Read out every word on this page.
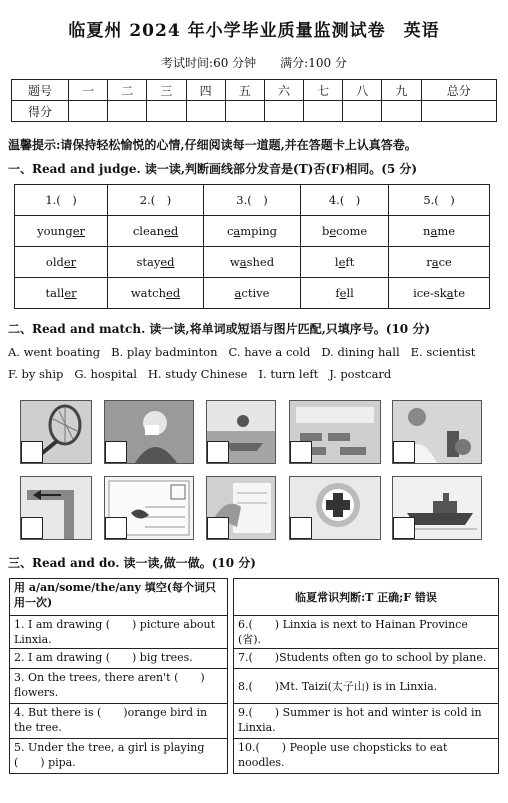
临夏州 2024 年小学毕业质量监测试卷　英语
考试时间:60 分钟　　满分:100 分
题号	一	二	三	四	五	六	七	八	九	总分
得分										
温馨提示:请保持轻松愉悦的心情,仔细阅读每一道题,并在答题卡上认真答卷。
一、Read and judge. 读一读,判断画线部分发音是(T)否(F)相同。(5 分)
1.(　)	2.(　)	3.(　)	4.(　)	5.(　)
younger	cleaned	camping	become	name
older	stayed	washed	left	race
taller	watched	active	fell	ice-skate
二、Read and match. 读一读,将单词或短语与图片匹配,只填序号。(10 分)
A. went boating B. play badminton C. have a cold D. dining hall E. scientist
F. by ship G. hospital H. study Chinese I. turn left J. postcard
三、Read and do. 读一读,做一做。(10 分)
用 a/an/some/the/any 填空(每个词只用一次)		临夏常识判断:T 正确;F 错误
1. I am drawing (　　) picture about Linxia.		6.(　　) Linxia is next to Hainan Province (省).
2. I am drawing (　　) big trees.		7.(　　)Students often go to school by plane.
3. On the trees, there aren't (　　) flowers.		8.(　　)Mt. Taizi(太子山) is in Linxia.
4. But there is (　　)orange bird in the tree.		9.(　　) Summer is hot and winter is cold in Linxia.
5. Under the tree, a girl is playing (　　) pipa.		10.(　　) People use chopsticks to eat noodles.
